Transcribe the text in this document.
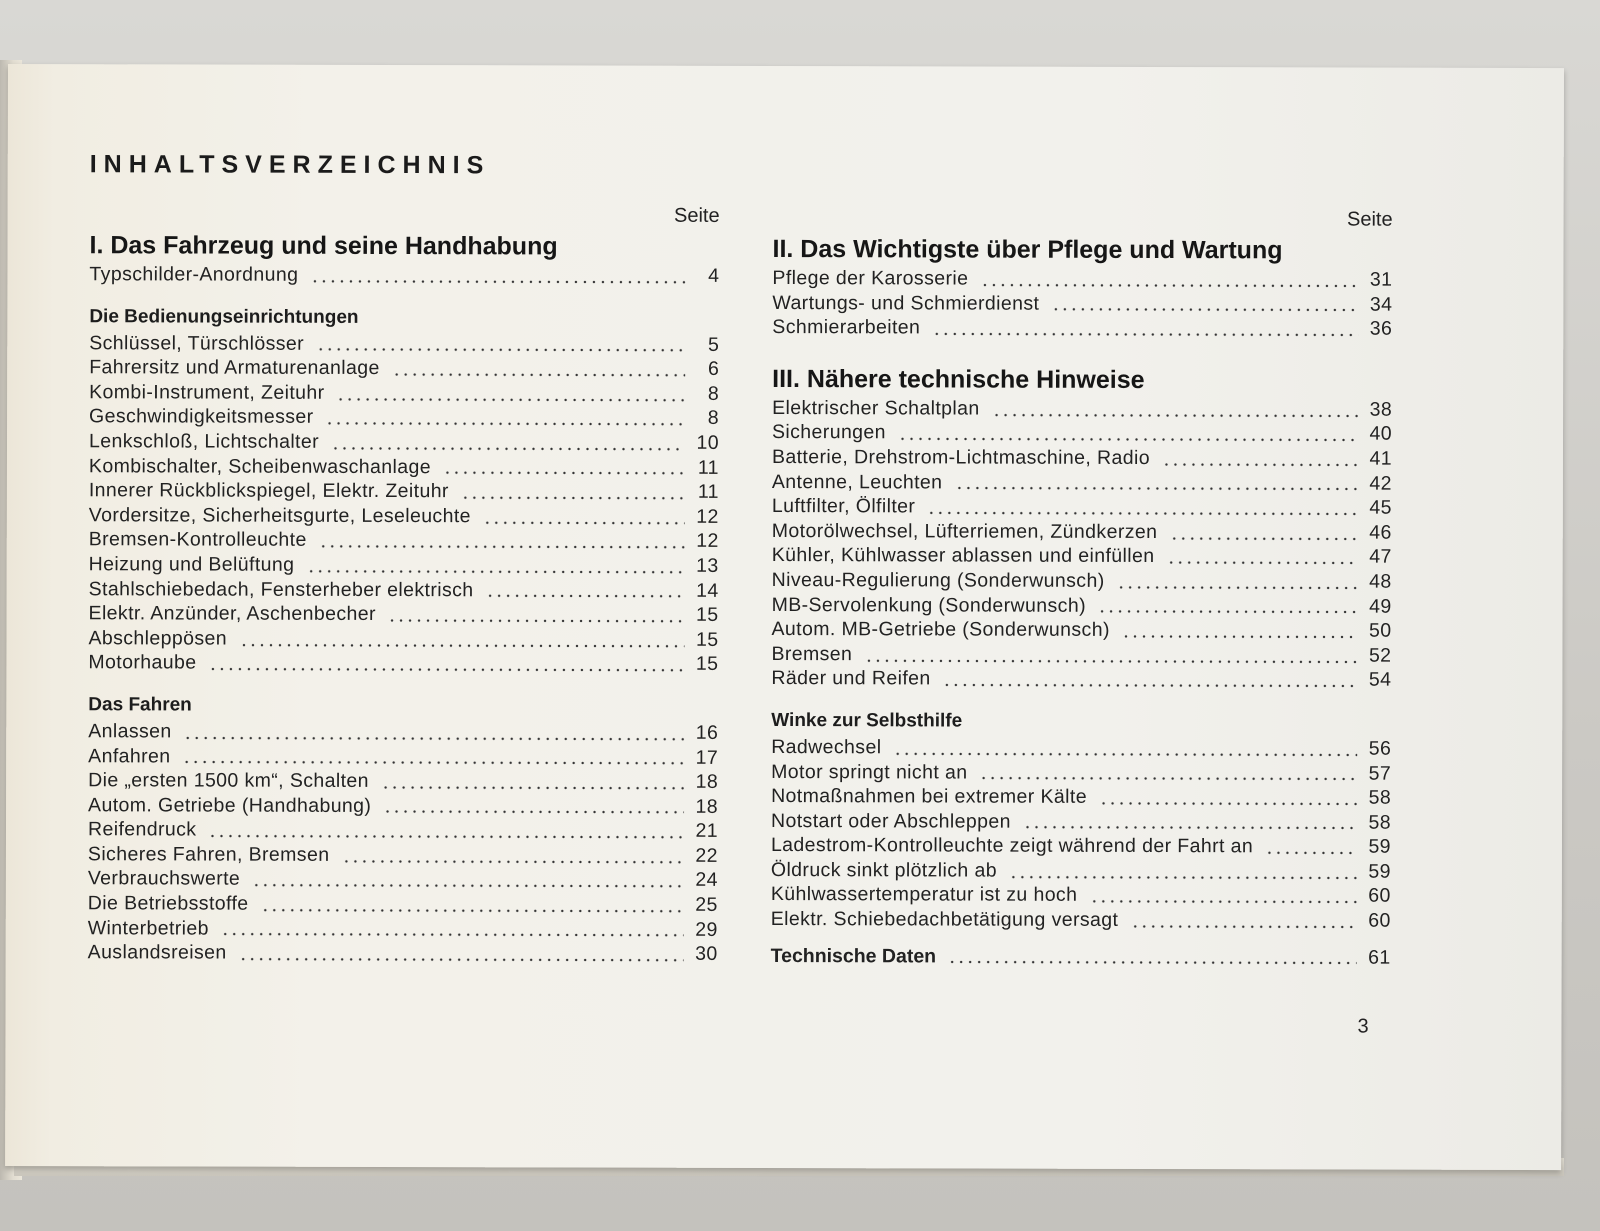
INHALTSVERZEICHNIS
Seite
I. Das Fahrzeug und seine Handhabung
Typschilder-Anordnung	4
Die Bedienungseinrichtungen
Schlüssel, Türschlösser	5
Fahrersitz und Armaturenanlage	6
Kombi-Instrument, Zeituhr	8
Geschwindigkeitsmesser	8
Lenkschloß, Lichtschalter	10
Kombischalter, Scheibenwaschanlage	11
Innerer Rückblickspiegel, Elektr. Zeituhr	11
Vordersitze, Sicherheitsgurte, Leseleuchte	12
Bremsen-Kontrolleuchte	12
Heizung und Belüftung	13
Stahlschiebedach, Fensterheber elektrisch	14
Elektr. Anzünder, Aschenbecher	15
Abschleppösen	15
Motorhaube	15
Das Fahren
Anlassen	16
Anfahren	17
Die „ersten 1500 km“, Schalten	18
Autom. Getriebe (Handhabung)	18
Reifendruck	21
Sicheres Fahren, Bremsen	22
Verbrauchswerte	24
Die Betriebsstoffe	25
Winterbetrieb	29
Auslandsreisen	30
Seite
II. Das Wichtigste über Pflege und Wartung
Pflege der Karosserie	31
Wartungs- und Schmierdienst	34
Schmierarbeiten	36
III. Nähere technische Hinweise
Elektrischer Schaltplan	38
Sicherungen	40
Batterie, Drehstrom-Lichtmaschine, Radio	41
Antenne, Leuchten	42
Luftfilter, Ölfilter	45
Motorölwechsel, Lüfterriemen, Zündkerzen	46
Kühler, Kühlwasser ablassen und einfüllen	47
Niveau-Regulierung (Sonderwunsch)	48
MB-Servolenkung (Sonderwunsch)	49
Autom. MB-Getriebe (Sonderwunsch)	50
Bremsen	52
Räder und Reifen	54
Winke zur Selbsthilfe
Radwechsel	56
Motor springt nicht an	57
Notmaßnahmen bei extremer Kälte	58
Notstart oder Abschleppen	58
Ladestrom-Kontrolleuchte zeigt während der Fahrt an	59
Öldruck sinkt plötzlich ab	59
Kühlwassertemperatur ist zu hoch	60
Elektr. Schiebedachbetätigung versagt	60
Technische Daten	61
3
